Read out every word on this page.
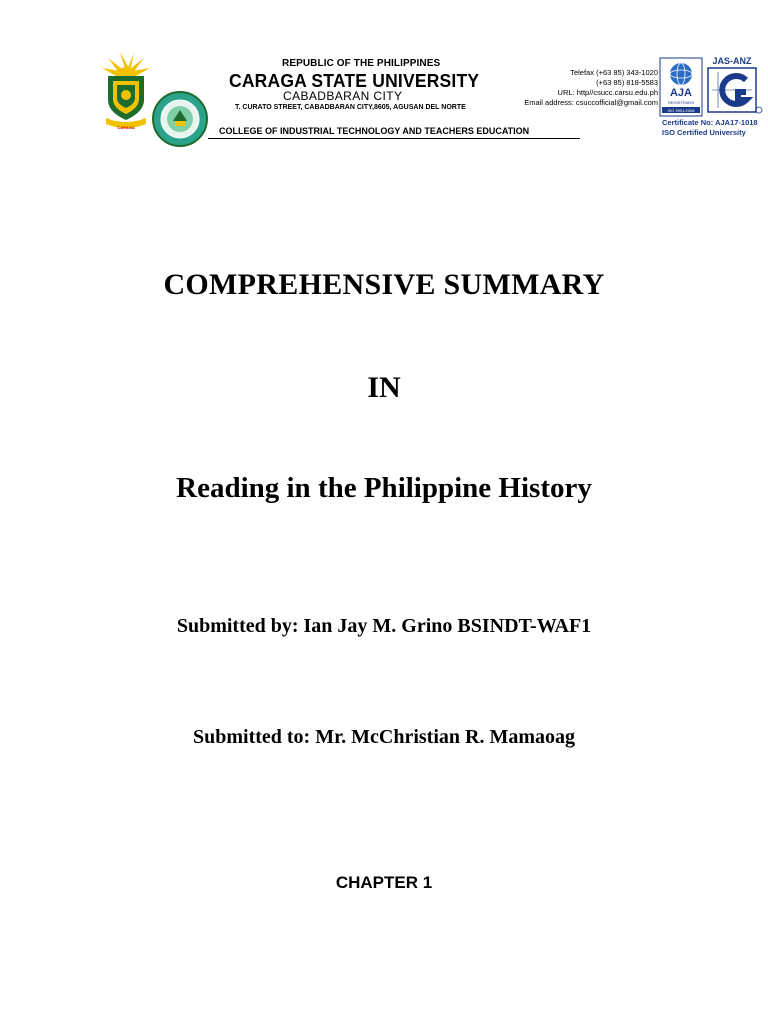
CARAGA
REPUBLIC OF THE PHILIPPINES
CARAGA STATE UNIVERSITY
CABADBARAN CITY
T. CURATO STREET, CABADBARAN CITY,8605, AGUSAN DEL NORTE
COLLEGE OF INDUSTRIAL TECHNOLOGY AND TEACHERS EDUCATION
Telefax (+63 85) 343-1020
(+63 85) 818-5583
URL: http//csucc.carsu.edu.ph
Email address: csuccofficial@gmail.com
AJA
REGISTRARS
ISO 9001:2008
JAS-ANZ
Certificate No: AJA17-1018
ISO Certified University
COMPREHENSIVE SUMMARY
IN
Reading in the Philippine History
Submitted by: Ian Jay M. Grino BSINDT-WAF1
Submitted to: Mr. McChristian R. Mamaoag
CHAPTER 1
